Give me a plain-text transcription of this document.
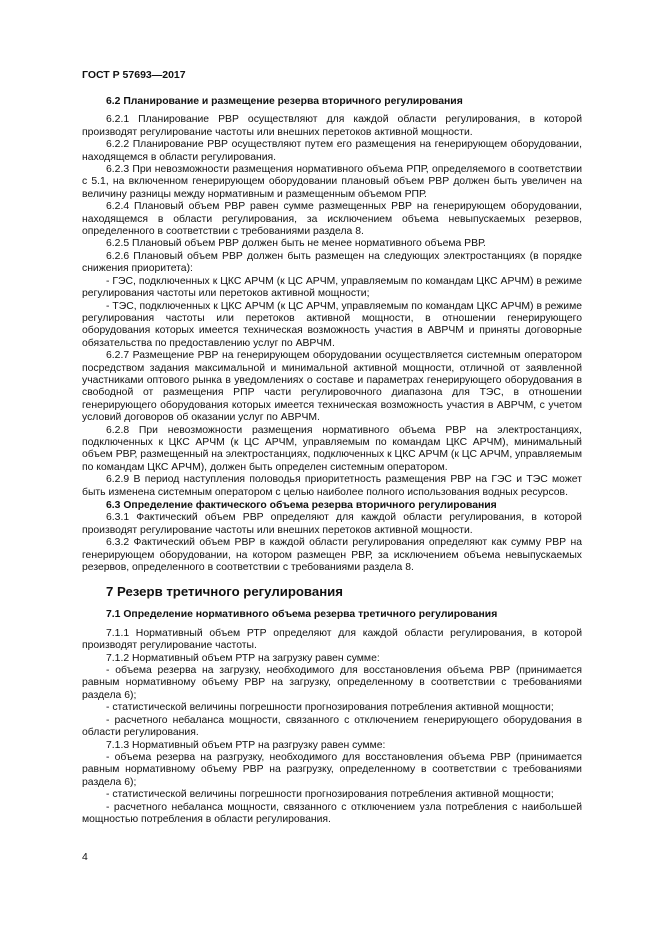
ГОСТ Р 57693—2017
6.2 Планирование и размещение резерва вторичного регулирования
6.2.1 Планирование РВР осуществляют для каждой области регулирования, в которой производят регулирование частоты или внешних перетоков активной мощности.
6.2.2 Планирование РВР осуществляют путем его размещения на генерирующем оборудовании, находящемся в области регулирования.
6.2.3 При невозможности размещения нормативного объема РПР, определяемого в соответствии с 5.1, на включенном генерирующем оборудовании плановый объем РВР должен быть увеличен на величину разницы между нормативным и размещенным объемом РПР.
6.2.4 Плановый объем РВР равен сумме размещенных РВР на генерирующем оборудовании, находящемся в области регулирования, за исключением объема невыпускаемых резервов, определенного в соответствии с требованиями раздела 8.
6.2.5 Плановый объем РВР должен быть не менее нормативного объема РВР.
6.2.6 Плановый объем РВР должен быть размещен на следующих электростанциях (в порядке снижения приоритета):
- ГЭС, подключенных к ЦКС АРЧМ (к ЦС АРЧМ, управляемым по командам ЦКС АРЧМ) в режиме регулирования частоты или перетоков активной мощности;
- ТЭС, подключенных к ЦКС АРЧМ (к ЦС АРЧМ, управляемым по командам ЦКС АРЧМ) в режиме регулирования частоты или перетоков активной мощности, в отношении генерирующего оборудования которых имеется техническая возможность участия в АВРЧМ и приняты договорные обязательства по предоставлению услуг по АВРЧМ.
6.2.7 Размещение РВР на генерирующем оборудовании осуществляется системным оператором посредством задания максимальной и минимальной активной мощности, отличной от заявленной участниками оптового рынка в уведомлениях о составе и параметрах генерирующего оборудования в свободной от размещения РПР части регулировочного диапазона для ТЭС, в отношении генерирующего оборудования которых имеется техническая возможность участия в АВРЧМ, с учетом условий договоров об оказании услуг по АВРЧМ.
6.2.8 При невозможности размещения нормативного объема РВР на электростанциях, подключенных к ЦКС АРЧМ (к ЦС АРЧМ, управляемым по командам ЦКС АРЧМ), минимальный объем РВР, размещенный на электростанциях, подключенных к ЦКС АРЧМ (к ЦС АРЧМ, управляемым по командам ЦКС АРЧМ), должен быть определен системным оператором.
6.2.9 В период наступления половодья приоритетность размещения РВР на ГЭС и ТЭС может быть изменена системным оператором с целью наиболее полного использования водных ресурсов.
6.3 Определение фактического объема резерва вторичного регулирования
6.3.1 Фактический объем РВР определяют для каждой области регулирования, в которой производят регулирование частоты или внешних перетоков активной мощности.
6.3.2 Фактический объем РВР в каждой области регулирования определяют как сумму РВР на генерирующем оборудовании, на котором размещен РВР, за исключением объема невыпускаемых резервов, определенного в соответствии с требованиями раздела 8.
7 Резерв третичного регулирования
7.1 Определение нормативного объема резерва третичного регулирования
7.1.1 Нормативный объем РТР определяют для каждой области регулирования, в которой производят регулирование частоты.
7.1.2 Нормативный объем РТР на загрузку равен сумме:
- объема резерва на загрузку, необходимого для восстановления объема РВР (принимается равным нормативному объему РВР на загрузку, определенному в соответствии с требованиями раздела 6);
- статистической величины погрешности прогнозирования потребления активной мощности;
- расчетного небаланса мощности, связанного с отключением генерирующего оборудования в области регулирования.
7.1.3 Нормативный объем РТР на разгрузку равен сумме:
- объема резерва на разгрузку, необходимого для восстановления объема РВР (принимается равным нормативному объему РВР на разгрузку, определенному в соответствии с требованиями раздела 6);
- статистической величины погрешности прогнозирования потребления активной мощности;
- расчетного небаланса мощности, связанного с отключением узла потребления с наибольшей мощностью потребления в области регулирования.
4
